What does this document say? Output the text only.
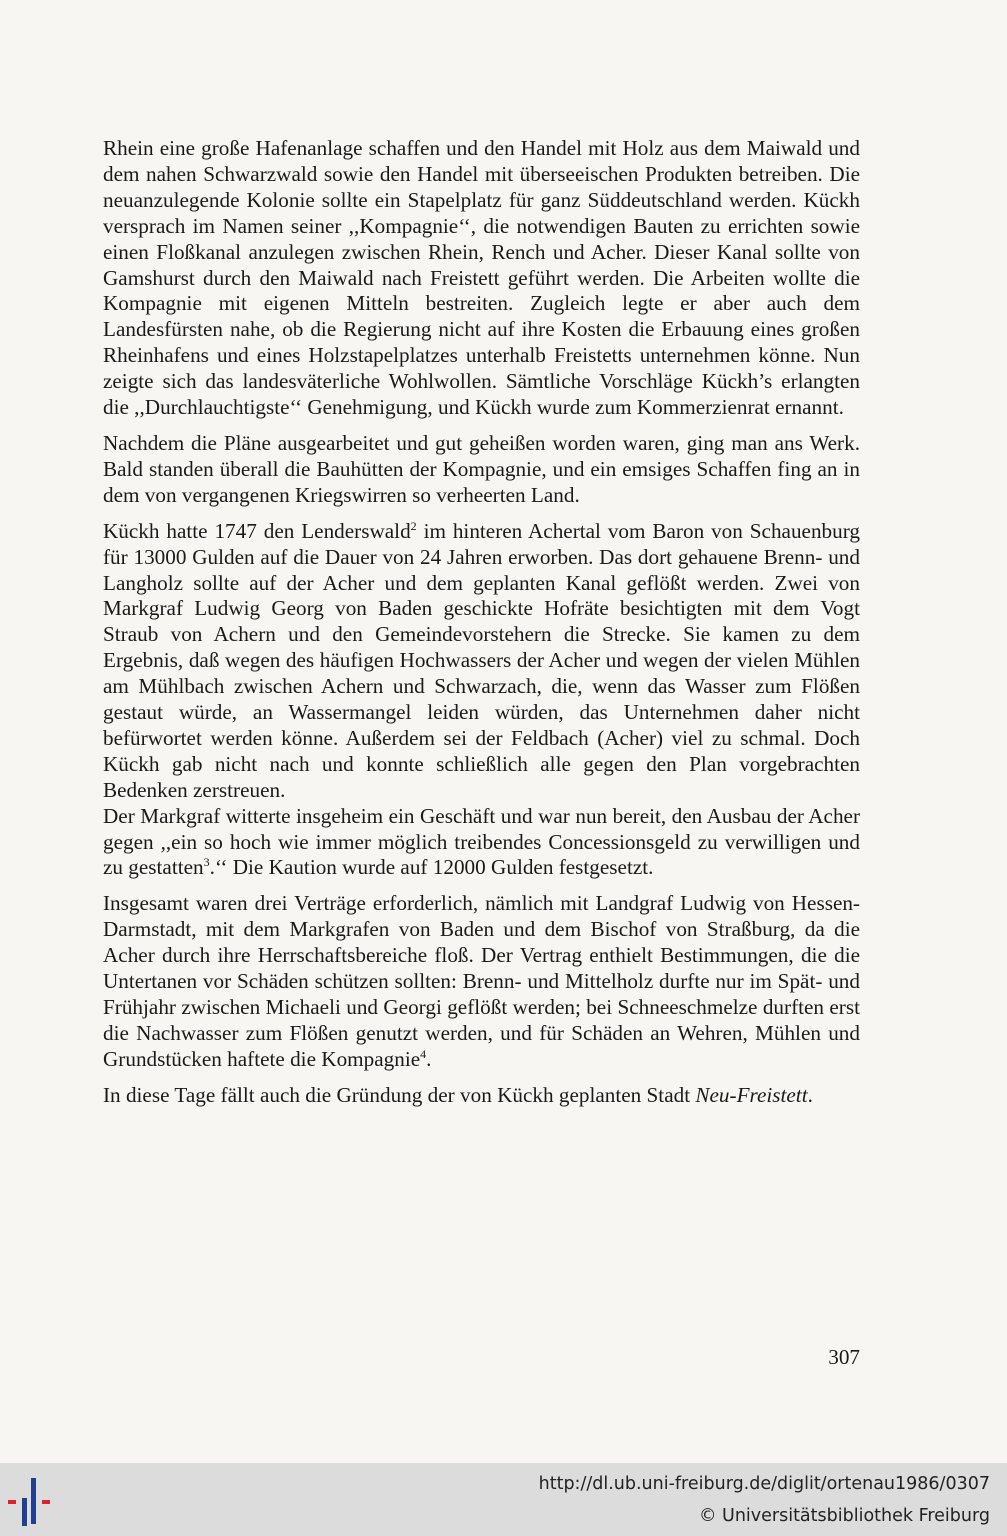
Rhein eine große Hafenanlage schaffen und den Handel mit Holz aus dem Maiwald und dem nahen Schwarzwald sowie den Handel mit überseeischen Produkten betreiben. Die neuanzulegende Kolonie sollte ein Stapelplatz für ganz Süddeutschland werden. Kückh versprach im Namen seiner ,,Kompagnie‘‘, die notwendigen Bauten zu errichten sowie einen Floßkanal anzulegen zwischen Rhein, Rench und Acher. Dieser Kanal sollte von Gamshurst durch den Maiwald nach Freistett geführt werden. Die Arbeiten wollte die Kompagnie mit eigenen Mitteln bestreiten. Zugleich legte er aber auch dem Landesfürsten nahe, ob die Regierung nicht auf ihre Kosten die Erbauung eines großen Rheinhafens und eines Holzstapelplatzes unterhalb Freistetts unternehmen könne. Nun zeigte sich das landesväterliche Wohlwollen. Sämtliche Vorschläge Kückh’s erlangten die ,,Durchlauchtigste‘‘ Genehmigung, und Kückh wurde zum Kommerzienrat ernannt.

Nachdem die Pläne ausgearbeitet und gut geheißen worden waren, ging man ans Werk. Bald standen überall die Bauhütten der Kompagnie, und ein emsiges Schaffen fing an in dem von vergangenen Kriegswirren so verheerten Land.

Kückh hatte 1747 den Lenderswald$^2$ im hinteren Achertal vom Baron von Schauenburg für 13000 Gulden auf die Dauer von 24 Jahren erworben. Das dort gehauene Brenn- und Langholz sollte auf der Acher und dem geplanten Kanal geflößt werden. Zwei von Markgraf Ludwig Georg von Baden geschickte Hofräte besichtigten mit dem Vogt Straub von Achern und den Gemeindevorstehern die Strecke. Sie kamen zu dem Ergebnis, daß wegen des häufigen Hochwassers der Acher und wegen der vielen Mühlen am Mühlbach zwischen Achern und Schwarzach, die, wenn das Wasser zum Flößen gestaut würde, an Wassermangel leiden würden, das Unternehmen daher nicht befürwortet werden könne. Außerdem sei der Feldbach (Acher) viel zu schmal. Doch Kückh gab nicht nach und konnte schließlich alle gegen den Plan vorgebrachten Bedenken zerstreuen.

Der Markgraf witterte insgeheim ein Geschäft und war nun bereit, den Ausbau der Acher gegen ,,ein so hoch wie immer möglich treibendes Concessionsgeld zu verwilligen und zu gestatten$^3$.‘‘ Die Kaution wurde auf 12000 Gulden festgesetzt.

Insgesamt waren drei Verträge erforderlich, nämlich mit Landgraf Ludwig von Hessen-Darmstadt, mit dem Markgrafen von Baden und dem Bischof von Straßburg, da die Acher durch ihre Herrschaftsbereiche floß. Der Vertrag enthielt Bestimmungen, die die Untertanen vor Schäden schützen sollten: Brenn- und Mittelholz durfte nur im Spät- und Frühjahr zwischen Michaeli und Georgi geflößt werden; bei Schneeschmelze durften erst die Nachwasser zum Flößen genutzt werden, und für Schäden an Wehren, Mühlen und Grundstücken haftete die Kompagnie$^4$.

In diese Tage fällt auch die Gründung der von Kückh geplanten Stadt Neu-Freistett.

307
http://dl.ub.uni-freiburg.de/diglit/ortenau1986/0307
© Universitätsbibliothek Freiburg
